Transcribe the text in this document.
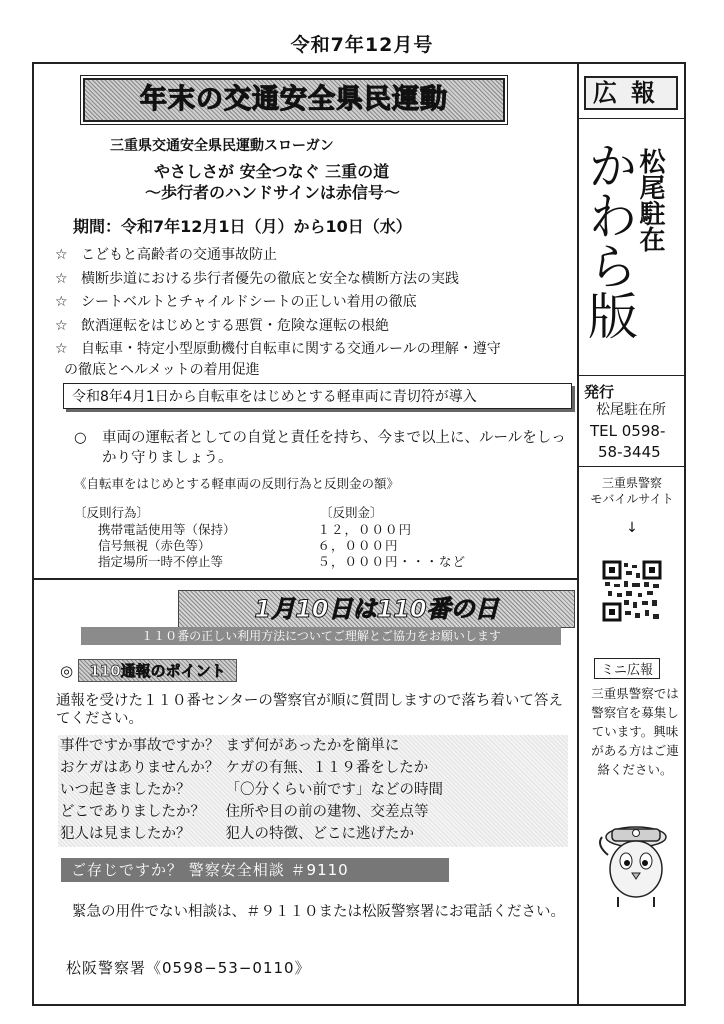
令和7年12月号
年末の交通安全県民運動
三重県交通安全県民運動スローガン
やさしさが 安全つなぐ 三重の道
～歩行者のハンドサインは赤信号～
期間：令和7年12月1日（月）から10日（水）
☆ こどもと高齢者の交通事故防止
☆ 横断歩道における歩行者優先の徹底と安全な横断方法の実践
☆ シートベルトとチャイルドシートの正しい着用の徹底
☆ 飲酒運転をはじめとする悪質・危険な運転の根絶
☆ 自転車・特定小型原動機付自転車に関する交通ルールの理解・遵守
の徹底とヘルメットの着用促進
令和8年4月1日から自転車をはじめとする軽車両に青切符が導入
○	車両の運転者としての自覚と責任を持ち、今まで以上に、ルールをしっかり守りましょう。
《自転車をはじめとする軽車両の反則行為と反則金の額》
〔反則行為〕	〔反則金〕
携帯電話使用等（保持）	１２，０００円
信号無視（赤色等）	６，０００円
指定場所一時不停止等	５，０００円・・・など
1月10日は110番の日
１１０番の正しい利用方法についてご理解とご協力をお願いします
◎ 110通報のポイント
通報を受けた１１０番センターの警察官が順に質問しますので落ち着いて答えてください。
事件ですか事故ですか？	まず何があったかを簡単に
おケガはありませんか？	ケガの有無、１１９番をしたか
いつ起きましたか？	「〇分くらい前です」などの時間
どこでありましたか？	住所や目の前の建物、交差点等
犯人は見ましたか？	犯人の特徴、どこに逃げたか
ご存じですか？ 警察安全相談 ＃9110
緊急の用件でない相談は、＃９１１０または松阪警察署にお電話ください。
松阪警察署《0598−53−0110》
広報
かわら版
松尾駐在
発行
松尾駐在所
TEL 0598-
58-3445
三重県警察
モバイルサイト
↓
ミニ広報
三重県警察では警察官を募集しています。興味がある方はご連絡ください。
